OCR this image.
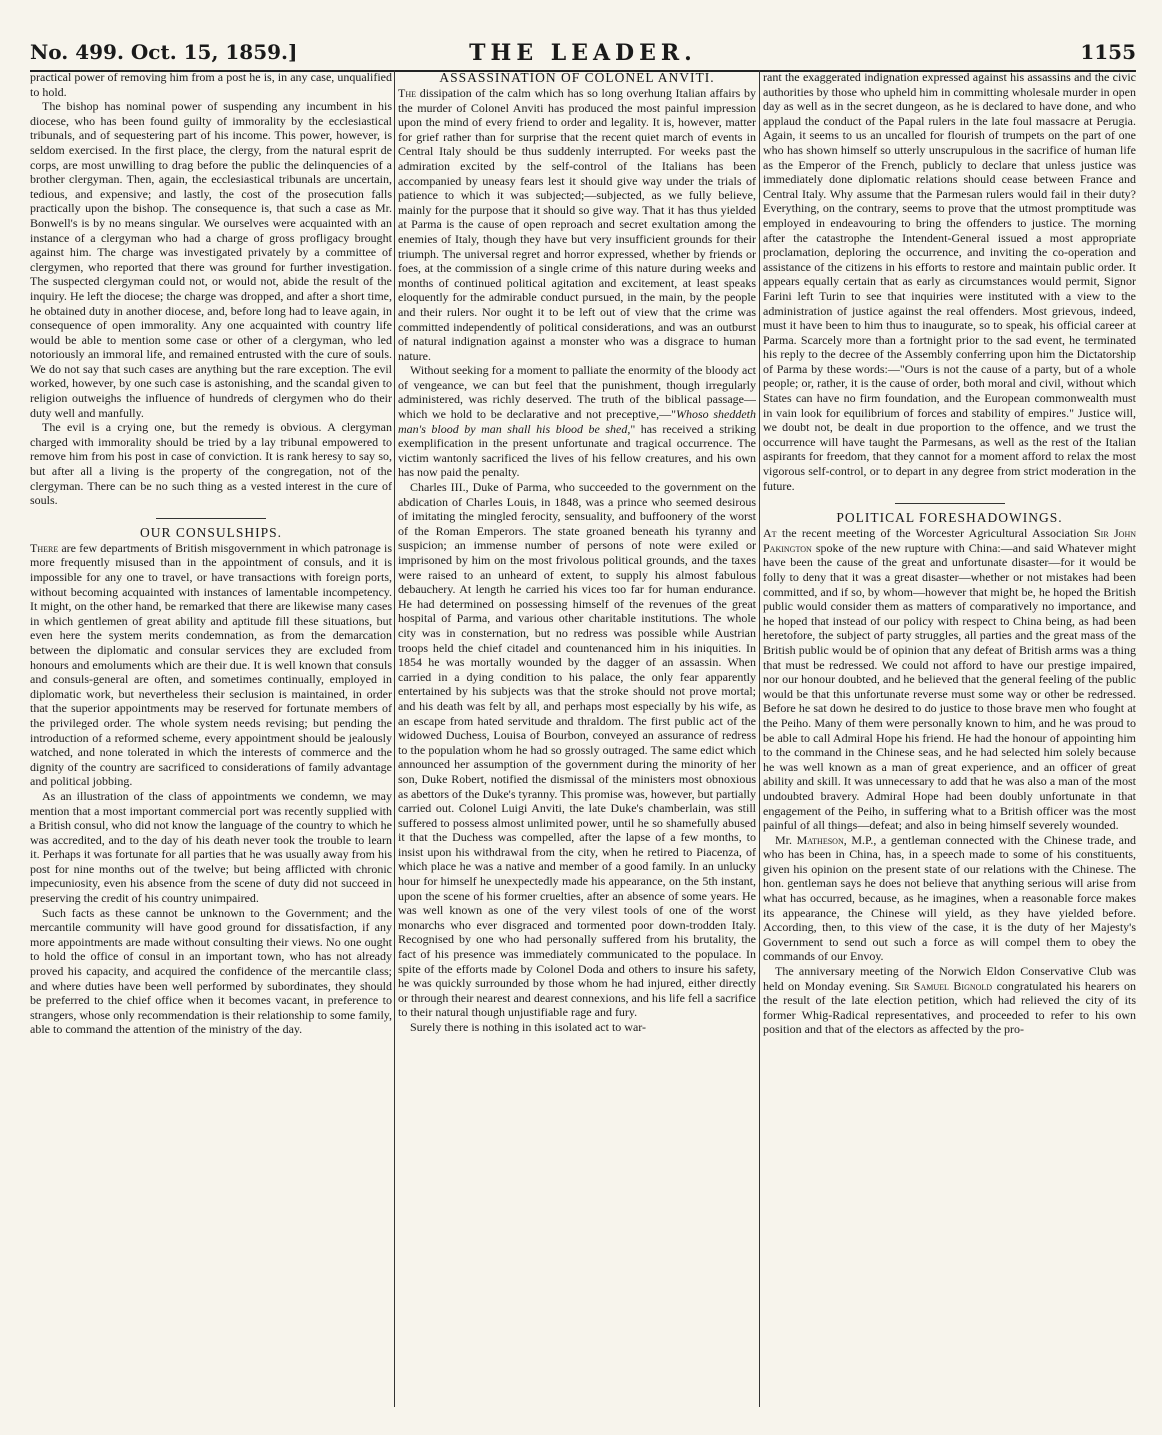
No. 499. Oct. 15, 1859.]	THE LEADER.	1155

practical power of removing him from a post he is, in any case, unqualified to hold.

The bishop has nominal power of suspending any incumbent in his diocese, who has been found guilty of immorality by the ecclesiastical tribunals, and of sequestering part of his income. This power, however, is seldom exercised. In the first place, the clergy, from the natural esprit de corps, are most unwilling to drag before the public the delinquencies of a brother clergyman. Then, again, the ecclesiastical tribunals are uncertain, tedious, and expensive; and lastly, the cost of the prosecution falls practically upon the bishop. The consequence is, that such a case as Mr. Bonwell's is by no means singular. We ourselves were acquainted with an instance of a clergyman who had a charge of gross profligacy brought against him. The charge was investigated privately by a committee of clergymen, who reported that there was ground for further investigation. The suspected clergyman could not, or would not, abide the result of the inquiry. He left the diocese; the charge was dropped, and after a short time, he obtained duty in another diocese, and, before long had to leave again, in consequence of open immorality. Any one acquainted with country life would be able to mention some case or other of a clergyman, who led notoriously an immoral life, and remained entrusted with the cure of souls. We do not say that such cases are anything but the rare exception. The evil worked, however, by one such case is astonishing, and the scandal given to religion outweighs the influence of hundreds of clergymen who do their duty well and manfully.

The evil is a crying one, but the remedy is obvious. A clergyman charged with immorality should be tried by a lay tribunal empowered to remove him from his post in case of conviction. It is rank heresy to say so, but after all a living is the property of the congregation, not of the clergyman. There can be no such thing as a vested interest in the cure of souls.

OUR CONSULSHIPS.

There are few departments of British misgovernment in which patronage is more frequently misused than in the appointment of consuls, and it is impossible for any one to travel, or have transactions with foreign ports, without becoming acquainted with instances of lamentable incompetency. It might, on the other hand, be remarked that there are likewise many cases in which gentlemen of great ability and aptitude fill these situations, but even here the system merits condemnation, as from the demarcation between the diplomatic and consular services they are excluded from honours and emoluments which are their due. It is well known that consuls and consuls-general are often, and sometimes continually, employed in diplomatic work, but nevertheless their seclusion is maintained, in order that the superior appointments may be reserved for fortunate members of the privileged order. The whole system needs revising; but pending the introduction of a reformed scheme, every appointment should be jealously watched, and none tolerated in which the interests of commerce and the dignity of the country are sacrificed to considerations of family advantage and political jobbing.

As an illustration of the class of appointments we condemn, we may mention that a most important commercial port was recently supplied with a British consul, who did not know the language of the country to which he was accredited, and to the day of his death never took the trouble to learn it. Perhaps it was fortunate for all parties that he was usually away from his post for nine months out of the twelve; but being afflicted with chronic impecuniosity, even his absence from the scene of duty did not succeed in preserving the credit of his country unimpaired.

Such facts as these cannot be unknown to the Government; and the mercantile community will have good ground for dissatisfaction, if any more appointments are made without consulting their views. No one ought to hold the office of consul in an important town, who has not already proved his capacity, and acquired the confidence of the mercantile class; and where duties have been well performed by subordinates, they should be preferred to the chief office when it becomes vacant, in preference to strangers, whose only recommendation is their relationship to some family, able to command the attention of the ministry of the day.

ASSASSINATION OF COLONEL ANVITI.

The dissipation of the calm which has so long overhung Italian affairs by the murder of Colonel Anviti has produced the most painful impression upon the mind of every friend to order and legality. It is, however, matter for grief rather than for surprise that the recent quiet march of events in Central Italy should be thus suddenly interrupted. For weeks past the admiration excited by the self-control of the Italians has been accompanied by uneasy fears lest it should give way under the trials of patience to which it was subjected;—subjected, as we fully believe, mainly for the purpose that it should so give way. That it has thus yielded at Parma is the cause of open reproach and secret exultation among the enemies of Italy, though they have but very insufficient grounds for their triumph. The universal regret and horror expressed, whether by friends or foes, at the commission of a single crime of this nature during weeks and months of continued political agitation and excitement, at least speaks eloquently for the admirable conduct pursued, in the main, by the people and their rulers. Nor ought it to be left out of view that the crime was committed independently of political considerations, and was an outburst of natural indignation against a monster who was a disgrace to human nature.

Without seeking for a moment to palliate the enormity of the bloody act of vengeance, we can but feel that the punishment, though irregularly administered, was richly deserved. The truth of the biblical passage—which we hold to be declarative and not preceptive,—"Whoso sheddeth man's blood by man shall his blood be shed," has received a striking exemplification in the present unfortunate and tragical occurrence. The victim wantonly sacrificed the lives of his fellow creatures, and his own has now paid the penalty.

Charles III., Duke of Parma, who succeeded to the government on the abdication of Charles Louis, in 1848, was a prince who seemed desirous of imitating the mingled ferocity, sensuality, and buffoonery of the worst of the Roman Emperors. The state groaned beneath his tyranny and suspicion; an immense number of persons of note were exiled or imprisoned by him on the most frivolous political grounds, and the taxes were raised to an unheard of extent, to supply his almost fabulous debauchery. At length he carried his vices too far for human endurance. He had determined on possessing himself of the revenues of the great hospital of Parma, and various other charitable institutions. The whole city was in consternation, but no redress was possible while Austrian troops held the chief citadel and countenanced him in his iniquities. In 1854 he was mortally wounded by the dagger of an assassin. When carried in a dying condition to his palace, the only fear apparently entertained by his subjects was that the stroke should not prove mortal; and his death was felt by all, and perhaps most especially by his wife, as an escape from hated servitude and thraldom. The first public act of the widowed Duchess, Louisa of Bourbon, conveyed an assurance of redress to the population whom he had so grossly outraged. The same edict which announced her assumption of the government during the minority of her son, Duke Robert, notified the dismissal of the ministers most obnoxious as abettors of the Duke's tyranny. This promise was, however, but partially carried out. Colonel Luigi Anviti, the late Duke's chamberlain, was still suffered to possess almost unlimited power, until he so shamefully abused it that the Duchess was compelled, after the lapse of a few months, to insist upon his withdrawal from the city, when he retired to Piacenza, of which place he was a native and member of a good family. In an unlucky hour for himself he unexpectedly made his appearance, on the 5th instant, upon the scene of his former cruelties, after an absence of some years. He was well known as one of the very vilest tools of one of the worst monarchs who ever disgraced and tormented poor down-trodden Italy. Recognised by one who had personally suffered from his brutality, the fact of his presence was immediately communicated to the populace. In spite of the efforts made by Colonel Doda and others to insure his safety, he was quickly surrounded by those whom he had injured, either directly or through their nearest and dearest connexions, and his life fell a sacrifice to their natural though unjustifiable rage and fury.

Surely there is nothing in this isolated act to war-

rant the exaggerated indignation expressed against his assassins and the civic authorities by those who upheld him in committing wholesale murder in open day as well as in the secret dungeon, as he is declared to have done, and who applaud the conduct of the Papal rulers in the late foul massacre at Perugia. Again, it seems to us an uncalled for flourish of trumpets on the part of one who has shown himself so utterly unscrupulous in the sacrifice of human life as the Emperor of the French, publicly to declare that unless justice was immediately done diplomatic relations should cease between France and Central Italy. Why assume that the Parmesan rulers would fail in their duty? Everything, on the contrary, seems to prove that the utmost promptitude was employed in endeavouring to bring the offenders to justice. The morning after the catastrophe the Intendent-General issued a most appropriate proclamation, deploring the occurrence, and inviting the co-operation and assistance of the citizens in his efforts to restore and maintain public order. It appears equally certain that as early as circumstances would permit, Signor Farini left Turin to see that inquiries were instituted with a view to the administration of justice against the real offenders. Most grievous, indeed, must it have been to him thus to inaugurate, so to speak, his official career at Parma. Scarcely more than a fortnight prior to the sad event, he terminated his reply to the decree of the Assembly conferring upon him the Dictatorship of Parma by these words:—"Ours is not the cause of a party, but of a whole people; or, rather, it is the cause of order, both moral and civil, without which States can have no firm foundation, and the European commonwealth must in vain look for equilibrium of forces and stability of empires." Justice will, we doubt not, be dealt in due proportion to the offence, and we trust the occurrence will have taught the Parmesans, as well as the rest of the Italian aspirants for freedom, that they cannot for a moment afford to relax the most vigorous self-control, or to depart in any degree from strict moderation in the future.

POLITICAL FORESHADOWINGS.

At the recent meeting of the Worcester Agricultural Association Sir John Pakington spoke of the new rupture with China:—and said Whatever might have been the cause of the great and unfortunate disaster—for it would be folly to deny that it was a great disaster—whether or not mistakes had been committed, and if so, by whom—however that might be, he hoped the British public would consider them as matters of comparatively no importance, and he hoped that instead of our policy with respect to China being, as had been heretofore, the subject of party struggles, all parties and the great mass of the British public would be of opinion that any defeat of British arms was a thing that must be redressed. We could not afford to have our prestige impaired, nor our honour doubted, and he believed that the general feeling of the public would be that this unfortunate reverse must some way or other be redressed. Before he sat down he desired to do justice to those brave men who fought at the Peiho. Many of them were personally known to him, and he was proud to be able to call Admiral Hope his friend. He had the honour of appointing him to the command in the Chinese seas, and he had selected him solely because he was well known as a man of great experience, and an officer of great ability and skill. It was unnecessary to add that he was also a man of the most undoubted bravery. Admiral Hope had been doubly unfortunate in that engagement of the Peiho, in suffering what to a British officer was the most painful of all things—defeat; and also in being himself severely wounded.

Mr. Matheson, M.P., a gentleman connected with the Chinese trade, and who has been in China, has, in a speech made to some of his constituents, given his opinion on the present state of our relations with the Chinese. The hon. gentleman says he does not believe that anything serious will arise from what has occurred, because, as he imagines, when a reasonable force makes its appearance, the Chinese will yield, as they have yielded before. According, then, to this view of the case, it is the duty of her Majesty's Government to send out such a force as will compel them to obey the commands of our Envoy.

The anniversary meeting of the Norwich Eldon Conservative Club was held on Monday evening. Sir Samuel Bignold congratulated his hearers on the result of the late election petition, which had relieved the city of its former Whig-Radical representatives, and proceeded to refer to his own position and that of the electors as affected by the pro-
